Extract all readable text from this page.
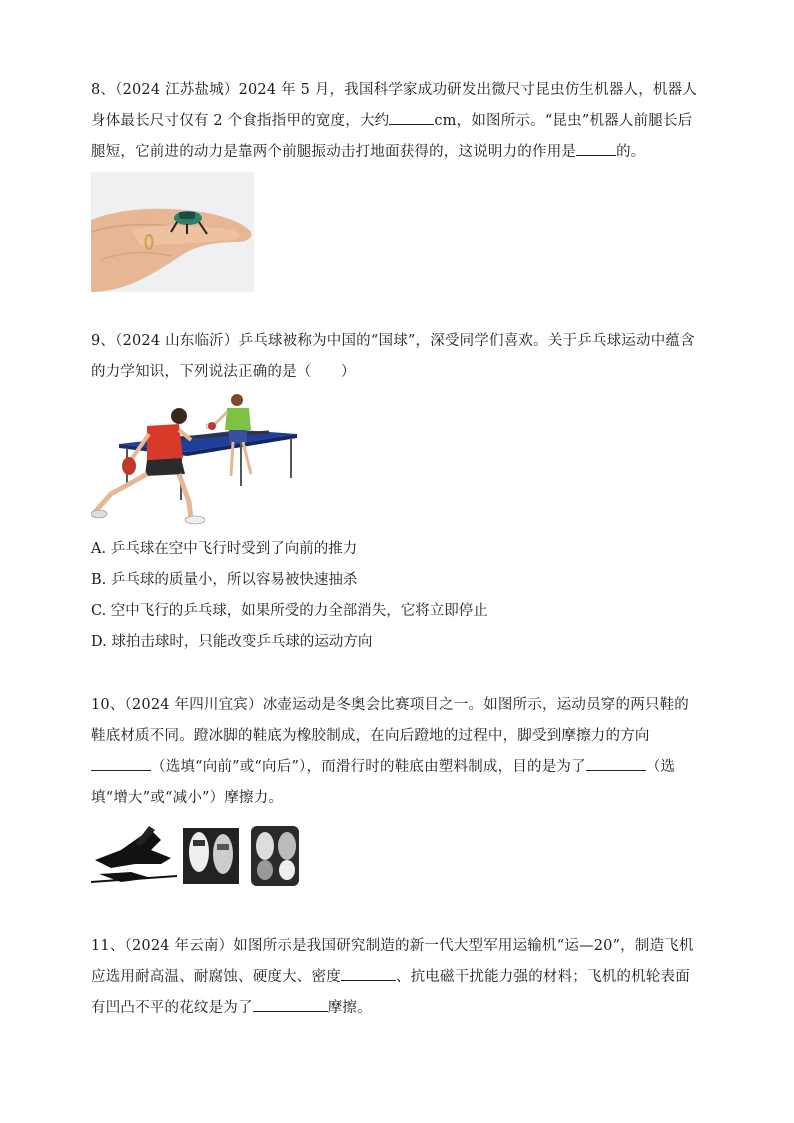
8、（2024 江苏盐城）2024 年 5 月，我国科学家成功研发出微尺寸昆虫仿生机器人，机器人身体最长尺寸仅有 2 个食指指甲的宽度，大约	cm，如图所示。“昆虫”机器人前腿长后腿短，它前进的动力是靠两个前腿振动击打地面获得的，这说明力的作用是	的。

9、（2024 山东临沂）乒乓球被称为中国的“国球”，深受同学们喜欢。关于乒乓球运动中蕴含的力学知识，下列说法正确的是（　　）

A. 乒乓球在空中飞行时受到了向前的推力
B. 乒乓球的质量小，所以容易被快速抽杀
C. 空中飞行的乒乓球，如果所受的力全部消失，它将立即停止
D. 球拍击球时，只能改变乒乓球的运动方向

10、（2024 年四川宜宾）冰壶运动是冬奥会比赛项目之一。如图所示，运动员穿的两只鞋的鞋底材质不同。蹬冰脚的鞋底为橡胶制成，在向后蹬地的过程中，脚受到摩擦力的方向（选填“向前”或“向后”），而滑行时的鞋底由塑料制成，目的是为了	（选填“增大”或“减小”）摩擦力。

11、（2024 年云南）如图所示是我国研究制造的新一代大型军用运输机“运—20”，制造飞机应选用耐高温、耐腐蚀、硬度大、密度	、抗电磁干扰能力强的材料；飞机的机轮表面有凹凸不平的花纹是为了	摩擦。
